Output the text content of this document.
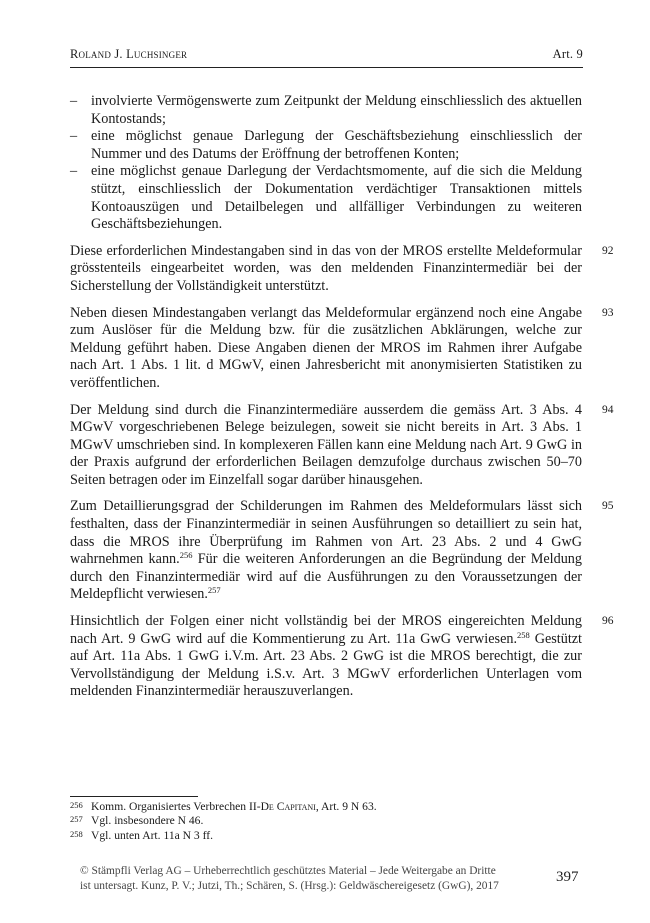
Roland J. Luchsinger	Art. 9
– involvierte Vermögenswerte zum Zeitpunkt der Meldung einschliesslich des aktuellen Kontostands;
– eine möglichst genaue Darlegung der Geschäftsbeziehung einschliesslich der Nummer und des Datums der Eröffnung der betroffenen Konten;
– eine möglichst genaue Darlegung der Verdachtsmomente, auf die sich die Meldung stützt, einschliesslich der Dokumentation verdächtiger Transaktionen mittels Kontoauszügen und Detailbelegen und allfälliger Verbindungen zu weiteren Geschäftsbeziehungen.

92
Diese erforderlichen Mindestangaben sind in das von der MROS erstellte Meldeformular grösstenteils eingearbeitet worden, was den meldenden Finanzintermediär bei der Sicherstellung der Vollständigkeit unterstützt.

93
Neben diesen Mindestangaben verlangt das Meldeformular ergänzend noch eine Angabe zum Auslöser für die Meldung bzw. für die zusätzlichen Abklärungen, welche zur Meldung geführt haben. Diese Angaben dienen der MROS im Rahmen ihrer Aufgabe nach Art. 1 Abs. 1 lit. d MGwV, einen Jahresbericht mit anonymisierten Statistiken zu veröffentlichen.

94
Der Meldung sind durch die Finanzintermediäre ausserdem die gemäss Art. 3 Abs. 4 MGwV vorgeschriebenen Belege beizulegen, soweit sie nicht bereits in Art. 3 Abs. 1 MGwV umschrieben sind. In komplexeren Fällen kann eine Meldung nach Art. 9 GwG in der Praxis aufgrund der erforderlichen Beilagen demzufolge durchaus zwischen 50–70 Seiten betragen oder im Einzelfall sogar darüber hinausgehen.

95
Zum Detaillierungsgrad der Schilderungen im Rahmen des Meldeformulars lässt sich festhalten, dass der Finanzintermediär in seinen Ausführungen so detailliert zu sein hat, dass die MROS ihre Überprüfung im Rahmen von Art. 23 Abs. 2 und 4 GwG wahrnehmen kann.$^{256}$ Für die weiteren Anforderungen an die Begründung der Meldung durch den Finanzintermediär wird auf die Ausführungen zu den Voraussetzungen der Meldepflicht verwiesen.$^{257}$

96
Hinsichtlich der Folgen einer nicht vollständig bei der MROS eingereichten Meldung nach Art. 9 GwG wird auf die Kommentierung zu Art. 11a GwG verwiesen.$^{258}$ Gestützt auf Art. 11a Abs. 1 GwG i.V.m. Art. 23 Abs. 2 GwG ist die MROS berechtigt, die zur Vervollständigung der Meldung i.S.v. Art. 3 MGwV erforderlichen Unterlagen vom meldenden Finanzintermediär herauszuverlangen.

256 Komm. Organisiertes Verbrechen II-De Capitani, Art. 9 N 63.
257 Vgl. insbesondere N 46.
258 Vgl. unten Art. 11a N 3 ff.
© Stämpfli Verlag AG – Urheberrechtlich geschütztes Material – Jede Weitergabe an Dritte
ist untersagt. Kunz, P. V.; Jutzi, Th.; Schären, S. (Hrsg.): Geldwäschereigesetz (GwG), 2017
397
